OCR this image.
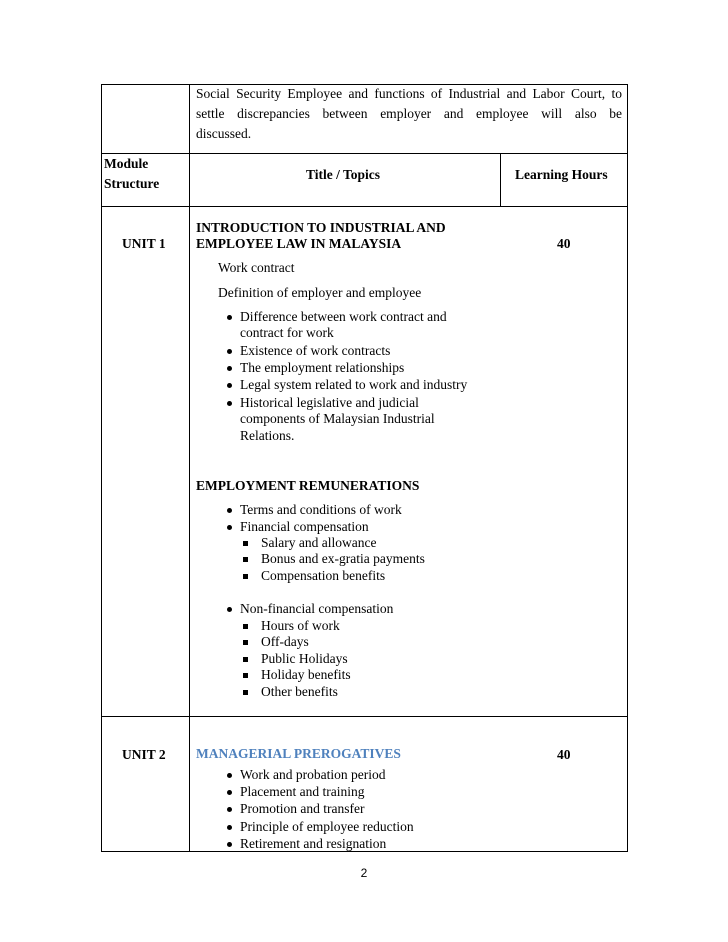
Social Security Employee and functions of Industrial and Labor Court, to
settle discrepancies between employer and employee will also be
discussed.
Module
Structure
Title / Topics	Learning Hours
UNIT 1	40
INTRODUCTION TO INDUSTRIAL AND
EMPLOYEE LAW IN MALAYSIA
Work contract
Definition of employer and employee
Difference between work contract and
contract for work
Existence of work contracts
The employment relationships
Legal system related to work and industry
Historical legislative and judicial
components of Malaysian Industrial
Relations.
EMPLOYMENT REMUNERATIONS
Terms and conditions of work
Financial compensation
Salary and allowance
Bonus and ex-gratia payments
Compensation benefits
Non-financial compensation
Hours of work
Off-days
Public Holidays
Holiday benefits
Other benefits
UNIT 2	40
MANAGERIAL PREROGATIVES
Work and probation period
Placement and training
Promotion and transfer
Principle of employee reduction
Retirement and resignation
2
